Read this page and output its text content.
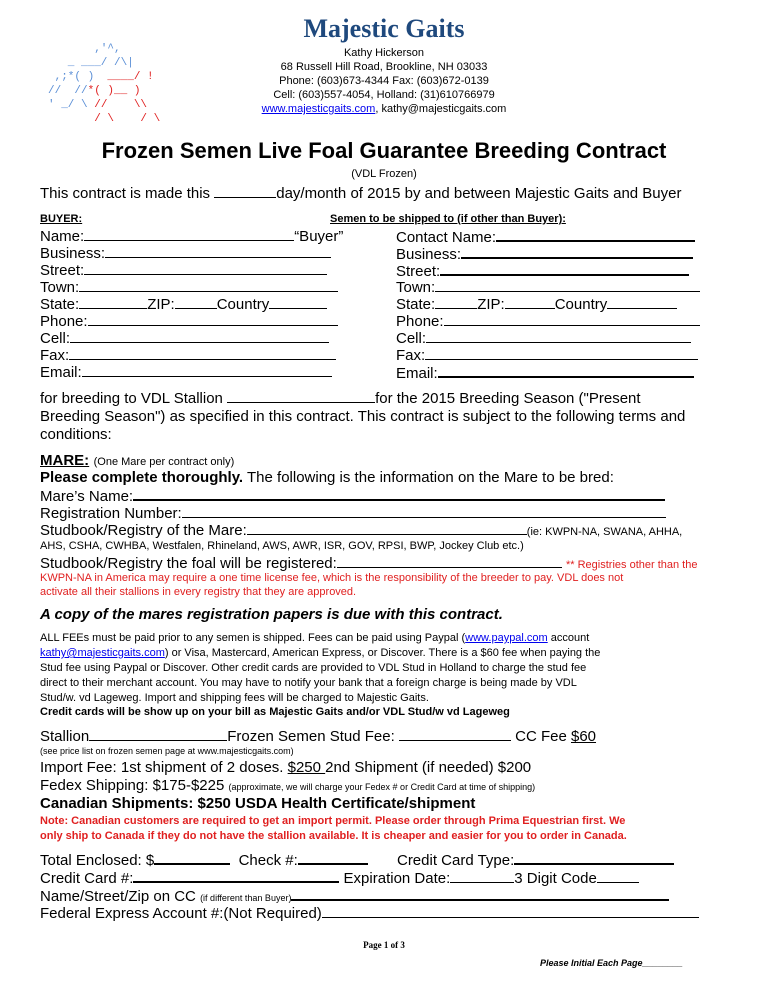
,'^,
_ ___/ /\|
,;*( )  ____/ !
//  //*( )__ )
' _/ \ //    \\
/ \    / \
Majestic Gaits
Kathy Hickerson
68 Russell Hill Road, Brookline, NH 03033
Phone: (603)673-4344 Fax: (603)672-0139
Cell: (603)557-4054, Holland: (31)610766979
www.majesticgaits.com, kathy@majesticgaits.com
Frozen Semen Live Foal Guarantee Breeding Contract
(VDL Frozen)
This contract is made this	day/month of 2015 by and between Majestic Gaits and Buyer
BUYER:	Semen to be shipped to (if other than Buyer):
Name:	“Buyer”
Business:
Street:
Town:
State:	ZIP:	Country
Phone:
Cell:
Fax:
Email:
Contact Name:
Business:
Street:
Town:
State:	ZIP:	Country
Phone:
Cell:
Fax:
Email:
for breeding to VDL Stallion	for the 2015 Breeding Season ("Present
Breeding Season") as specified in this contract. This contract is subject to the following terms and
conditions:
MARE: (One Mare per contract only)
Please complete thoroughly. The following is the information on the Mare to be bred:
Mare’s Name:
Registration Number:
Studbook/Registry of the Mare:	(ie: KWPN-NA, SWANA, AHHA,
AHS, CSHA, CWHBA, Westfalen, Rhineland, AWS, AWR, ISR, GOV, RPSI, BWP, Jockey Club etc.)
Studbook/Registry the foal will be registered:	** Registries other than the
KWPN-NA in America may require a one time license fee, which is the responsibility of the breeder to pay. VDL does not
activate all their stallions in every registry that they are approved.
A copy of the mares registration papers is due with this contract.
ALL FEEs must be paid prior to any semen is shipped. Fees can be paid using Paypal (www.paypal.com account
kathy@majesticgaits.com) or Visa, Mastercard, American Express, or Discover. There is a $60 fee when paying the
Stud fee using Paypal or Discover. Other credit cards are provided to VDL Stud in Holland to charge the stud fee
direct to their merchant account. You may have to notify your bank that a foreign charge is being made by VDL
Stud/w. vd Lageweg. Import and shipping fees will be charged to Majestic Gaits.
Credit cards will be show up on your bill as Majestic Gaits and/or VDL Stud/w vd Lageweg
Stallion	Frozen Semen Stud Fee:	CC Fee $60
(see price list on frozen semen page at www.majesticgaits.com)
Import Fee: 1st shipment of 2 doses. $250 2nd Shipment (if needed) $200
Fedex Shipping: $175-$225 (approximate, we will charge your Fedex # or Credit Card at time of shipping)
Canadian Shipments: $250 USDA Health Certificate/shipment
Note: Canadian customers are required to get an import permit. Please order through Prima Equestrian first. We
only ship to Canada if they do not have the stallion available. It is cheaper and easier for you to order in Canada.
Total Enclosed: $	Check #:	Credit Card Type:
Credit Card #:	Expiration Date:	3 Digit Code
Name/Street/Zip on CC (if different than Buyer)
Federal Express Account #:(Not Required)
Page 1 of 3
Please Initial Each Page________
